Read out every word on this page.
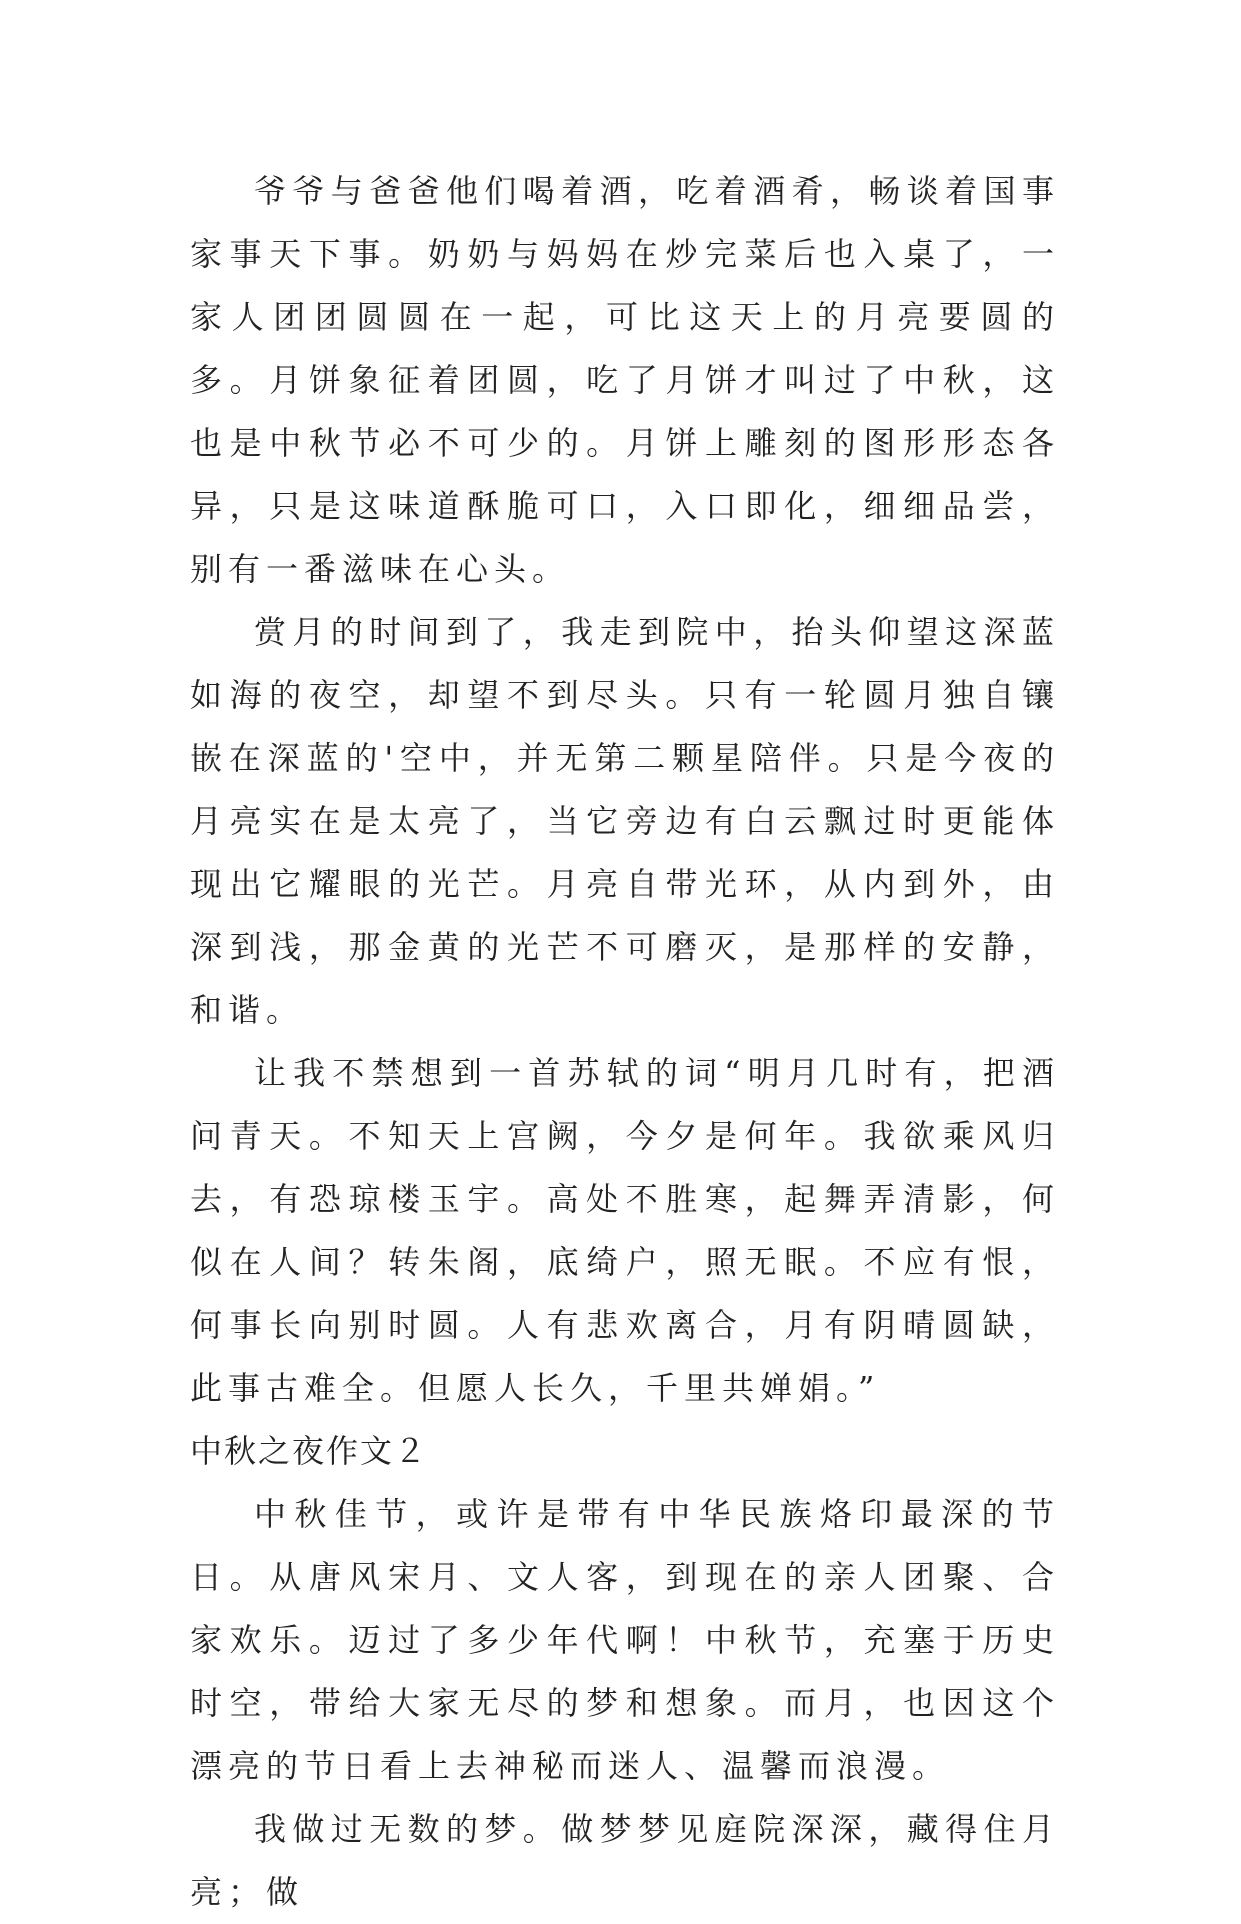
爷爷与爸爸他们喝着酒，吃着酒肴，畅谈着国事家事天下事。奶奶与妈妈在炒完菜后也入桌了，一家人团团圆圆在一起，可比这天上的月亮要圆的多。月饼象征着团圆，吃了月饼才叫过了中秋，这也是中秋节必不可少的。月饼上雕刻的图形形态各异，只是这味道酥脆可口，入口即化，细细品尝，别有一番滋味在心头。

赏月的时间到了，我走到院中，抬头仰望这深蓝如海的夜空，却望不到尽头。只有一轮圆月独自镶嵌在深蓝的'空中，并无第二颗星陪伴。只是今夜的月亮实在是太亮了，当它旁边有白云飘过时更能体现出它耀眼的光芒。月亮自带光环，从内到外，由深到浅，那金黄的光芒不可磨灭，是那样的安静，和谐。

让我不禁想到一首苏轼的词“明月几时有，把酒问青天。不知天上宫阙，今夕是何年。我欲乘风归去，有恐琼楼玉宇。高处不胜寒，起舞弄清影，何似在人间？转朱阁，底绮户，照无眠。不应有恨，何事长向别时圆。人有悲欢离合，月有阴晴圆缺，此事古难全。但愿人长久，千里共婵娟。”

中秋之夜作文２

中秋佳节，或许是带有中华民族烙印最深的节日。从唐风宋月、文人客，到现在的亲人团聚、合家欢乐。迈过了多少年代啊！中秋节，充塞于历史时空，带给大家无尽的梦和想象。而月，也因这个漂亮的节日看上去神秘而迷人、温馨而浪漫。

我做过无数的梦。做梦梦见庭院深深，藏得住月亮；做
